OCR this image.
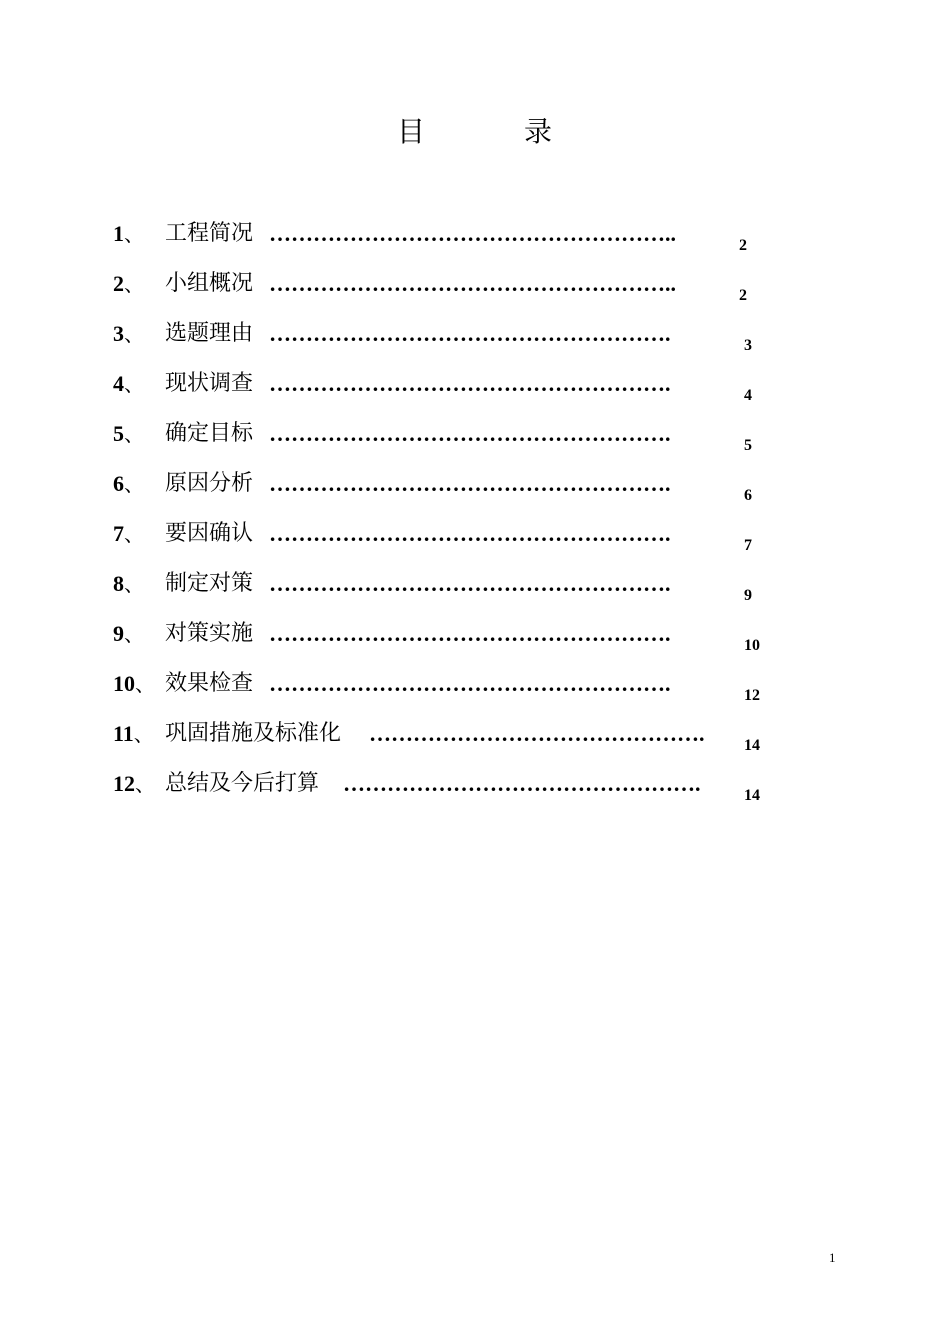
目	录
1、 工程简况 ………………………………………………..	2
2、 小组概况 ………………………………………………..	2
3、 选题理由 ……………………………………………….	3
4、 现状调查 ……………………………………………….	4
5、 确定目标 ……………………………………………….	5
6、 原因分析 ……………………………………………….	6
7、 要因确认 ……………………………………………….	7
8、 制定对策 ……………………………………………….	9
9、 对策实施 ……………………………………………….	10
10、 效果检查 ……………………………………………….	12
11、 巩固措施及标准化 ……………………………………….	14
12、 总结及今后打算 ………………………………………….	14
1
